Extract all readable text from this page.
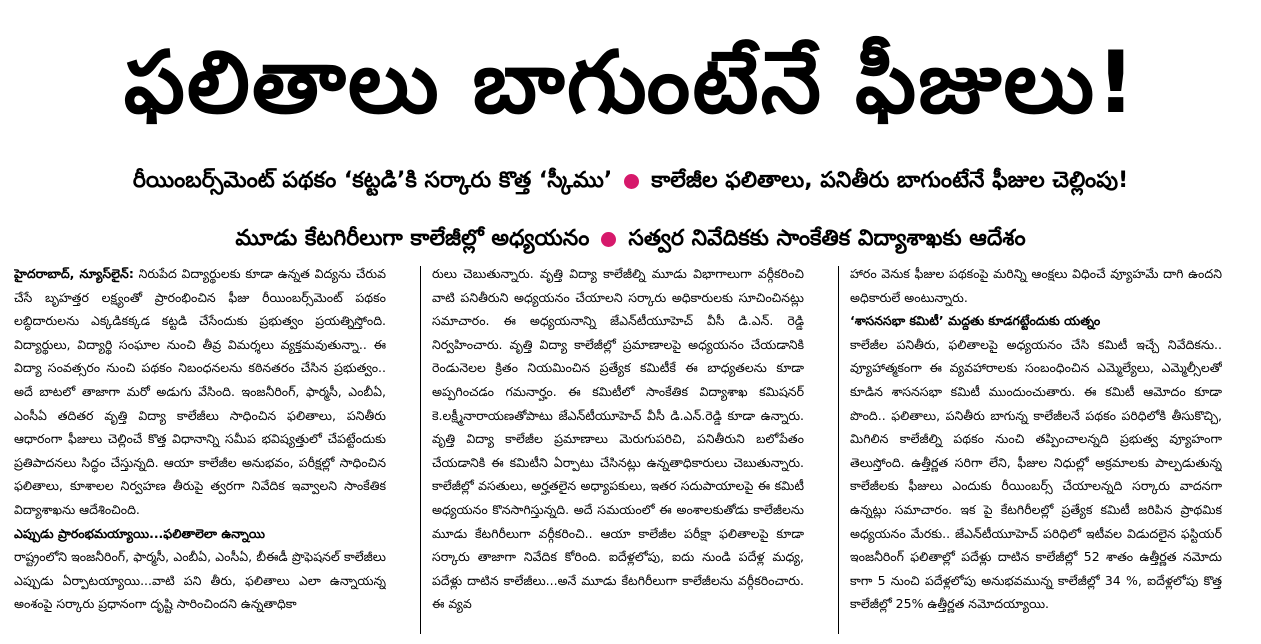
ఫలితాలు బాగుంటేనే ఫీజులు!
రీయింబర్స్‌మెంట్ పథకం ‘కట్టడి’కి సర్కారు కొత్త ‘స్కీము’ కాలేజీల ఫలితాలు, పనితీరు బాగుంటేనే ఫీజుల చెల్లింపు!
మూడు కేటగిరీలుగా కాలేజీల్లో అధ్యయనం సత్వర నివేదికకు సాంకేతిక విద్యాశాఖకు ఆదేశం

హైదరాబాద్, న్యూస్‌లైన్: నిరుపేద విద్యార్థులకు కూడా ఉన్నత విద్యను చేరువ చేసే బృహత్తర లక్ష్యంతో ప్రారంభించిన ఫీజు రీయింబర్స్‌మెంట్ పథకం లబ్ధిదారులను ఎక్కడికక్కడ కట్టడి చేసేందుకు ప్రభుత్వం ప్రయత్నిస్తోంది. విద్యార్థులు, విద్యార్థి సంఘాల నుంచి తీవ్ర విమర్శలు వ్యక్తమవుతున్నా.. ఈ విద్యా సంవత్సరం నుంచి పథకం నిబంధనలను కఠినతరం చేసిన ప్రభుత్వం.. అదే బాటలో తాజాగా మరో అడుగు వేసింది. ఇంజనీరింగ్, ఫార్మసీ, ఎంబీఏ, ఎంసీఏ తదితర వృత్తి విద్యా కాలేజీలు సాధించిన ఫలితాలు, పనితీరు ఆధారంగా ఫీజులు చెల్లించే కొత్త విధానాన్ని సమీప భవిష్యత్తులో చేపట్టేందుకు ప్రతిపాదనలు సిద్ధం చేస్తున్నది. ఆయా కాలేజీల అనుభవం, పరీక్షల్లో సాధించిన ఫలితాలు, కూశాలల నిర్వహణ తీరుపై త్వరగా నివేదిక ఇవ్వాలని సాంకేతిక విద్యాశాఖను ఆదేశించింది.

ఎప్పుడు ప్రారంభమయ్యాయి...ఫలితాలెలా ఉన్నాయి

రాష్ట్రంలోని ఇంజనీరింగ్, ఫార్మసీ, ఎంబీఏ, ఎంసీఏ, బీఈడీ ప్రొఫెషనల్ కాలేజీలు ఎప్పుడు ఏర్పాటయ్యాయి...వాటి పని తీరు, ఫలితాలు ఎలా ఉన్నాయన్న అంశంపై సర్కారు ప్రధానంగా దృష్టి సారించిందని ఉన్నతాధికా

రులు చెబుతున్నారు. వృత్తి విద్యా కాలేజీల్ని మూడు విభాగాలుగా వర్గీకరించి వాటి పనితీరుని అధ్యయనం చేయాలని సర్కారు అధికారులకు సూచించినట్లు సమాచారం. ఈ అధ్యయనాన్ని జేఎన్‌టీయూహెచ్ వీసీ డి.ఎన్. రెడ్డి నిర్వహించారు. వృత్తి విద్యా కాలేజీల్లో ప్రమాణాలపై అధ్యయనం చేయడానికి రెండునెలల క్రితం నియమించిన ప్రత్యేక కమిటీకే ఈ బాధ్యతలను కూడా అప్పగించడం గమనార్హం. ఈ కమిటీలో సాంకేతిక విద్యాశాఖ కమిషనర్ కె.లక్ష్మీనారాయణతోపాటు జేఎన్‌టీయూహెచ్ వీసీ డి.ఎన్.రెడ్డి కూడా ఉన్నారు. వృత్తి విద్యా కాలేజీల ప్రమాణాలు మెరుగుపరిచి, పనితీరుని బలోపేతం చేయడానికి ఈ కమిటీని ఏర్పాటు చేసినట్లు ఉన్నతాధికారులు చెబుతున్నారు. కాలేజీల్లో వసతులు, అర్హతలైన అధ్యాపకులు, ఇతర సదుపాయాలపై ఈ కమిటీ అధ్యయనం కొనసాగిస్తున్నది. అదే సమయంలో ఈ అంశాలకుతోడు కాలేజీలను మూడు కేటగిరీలుగా వర్గీకరించి.. ఆయా కాలేజీల పరీక్షా ఫలితాలపై కూడా సర్కారు తాజాగా నివేదిక కోరింది. ఐదేళ్లలోపు, ఐదు నుండి పదేళ్ల మధ్య, పదేళ్లు దాటిన కాలేజీలు...అనే మూడు కేటగిరీలుగా కాలేజీలను వర్గీకరించారు. ఈ వ్యవ

హారం వెనుక ఫీజుల పథకంపై మరిన్ని ఆంక్షలు విధించే వ్యూహమే దాగి ఉందని అధికారులే అంటున్నారు.

‘శాసనసభా కమిటీ’ మద్దతు కూడగట్టేందుకు యత్నం

కాలేజీల పనితీరు, ఫలితాలపై అధ్యయనం చేసి కమిటీ ఇచ్చే నివేదికను.. వ్యూహాత్మకంగా ఈ వ్యవహారాలకు సంబంధించిన ఎమ్మెల్యేలు, ఎమ్మెల్సీలతో కూడిన శాసనసభా కమిటీ ముందుంచుతారు. ఈ కమిటీ ఆమోదం కూడా పొంది.. ఫలితాలు, పనితీరు బాగున్న కాలేజీలనే పథకం పరిధిలోకి తీసుకొచ్చి, మిగిలిన కాలేజీల్ని పథకం నుంచి తప్పించాలన్నది ప్రభుత్వ వ్యూహంగా తెలుస్తోంది. ఉత్తీర్ణత సరిగా లేని, ఫీజుల నిధుల్లో అక్రమాలకు పాల్పడుతున్న కాలేజీలకు ఫీజులు ఎందుకు రీయింబర్స్ చేయాలన్నది సర్కారు వాదనగా ఉన్నట్లు సమాచారం. ఇక పై కేటగిరీలల్లో ప్రత్యేక కమిటీ జరిపిన ప్రాథమిక అధ్యయనం మేరకు.. జేఎన్‌టీయూహెచ్ పరిధిలో ఇటీవల విడుదలైన ఫస్టియర్ ఇంజనీరింగ్ ఫలితాల్లో పదేళ్లు దాటిన కాలేజీల్లో 52 శాతం ఉత్తీర్ణత నమోదు కాగా 5 నుంచి పదేళ్లలోపు అనుభవమున్న కాలేజీల్లో 34 %, ఐదేళ్లలోపు కొత్త కాలేజీల్లో 25% ఉత్తీర్ణత నమోదయ్యాయి.
